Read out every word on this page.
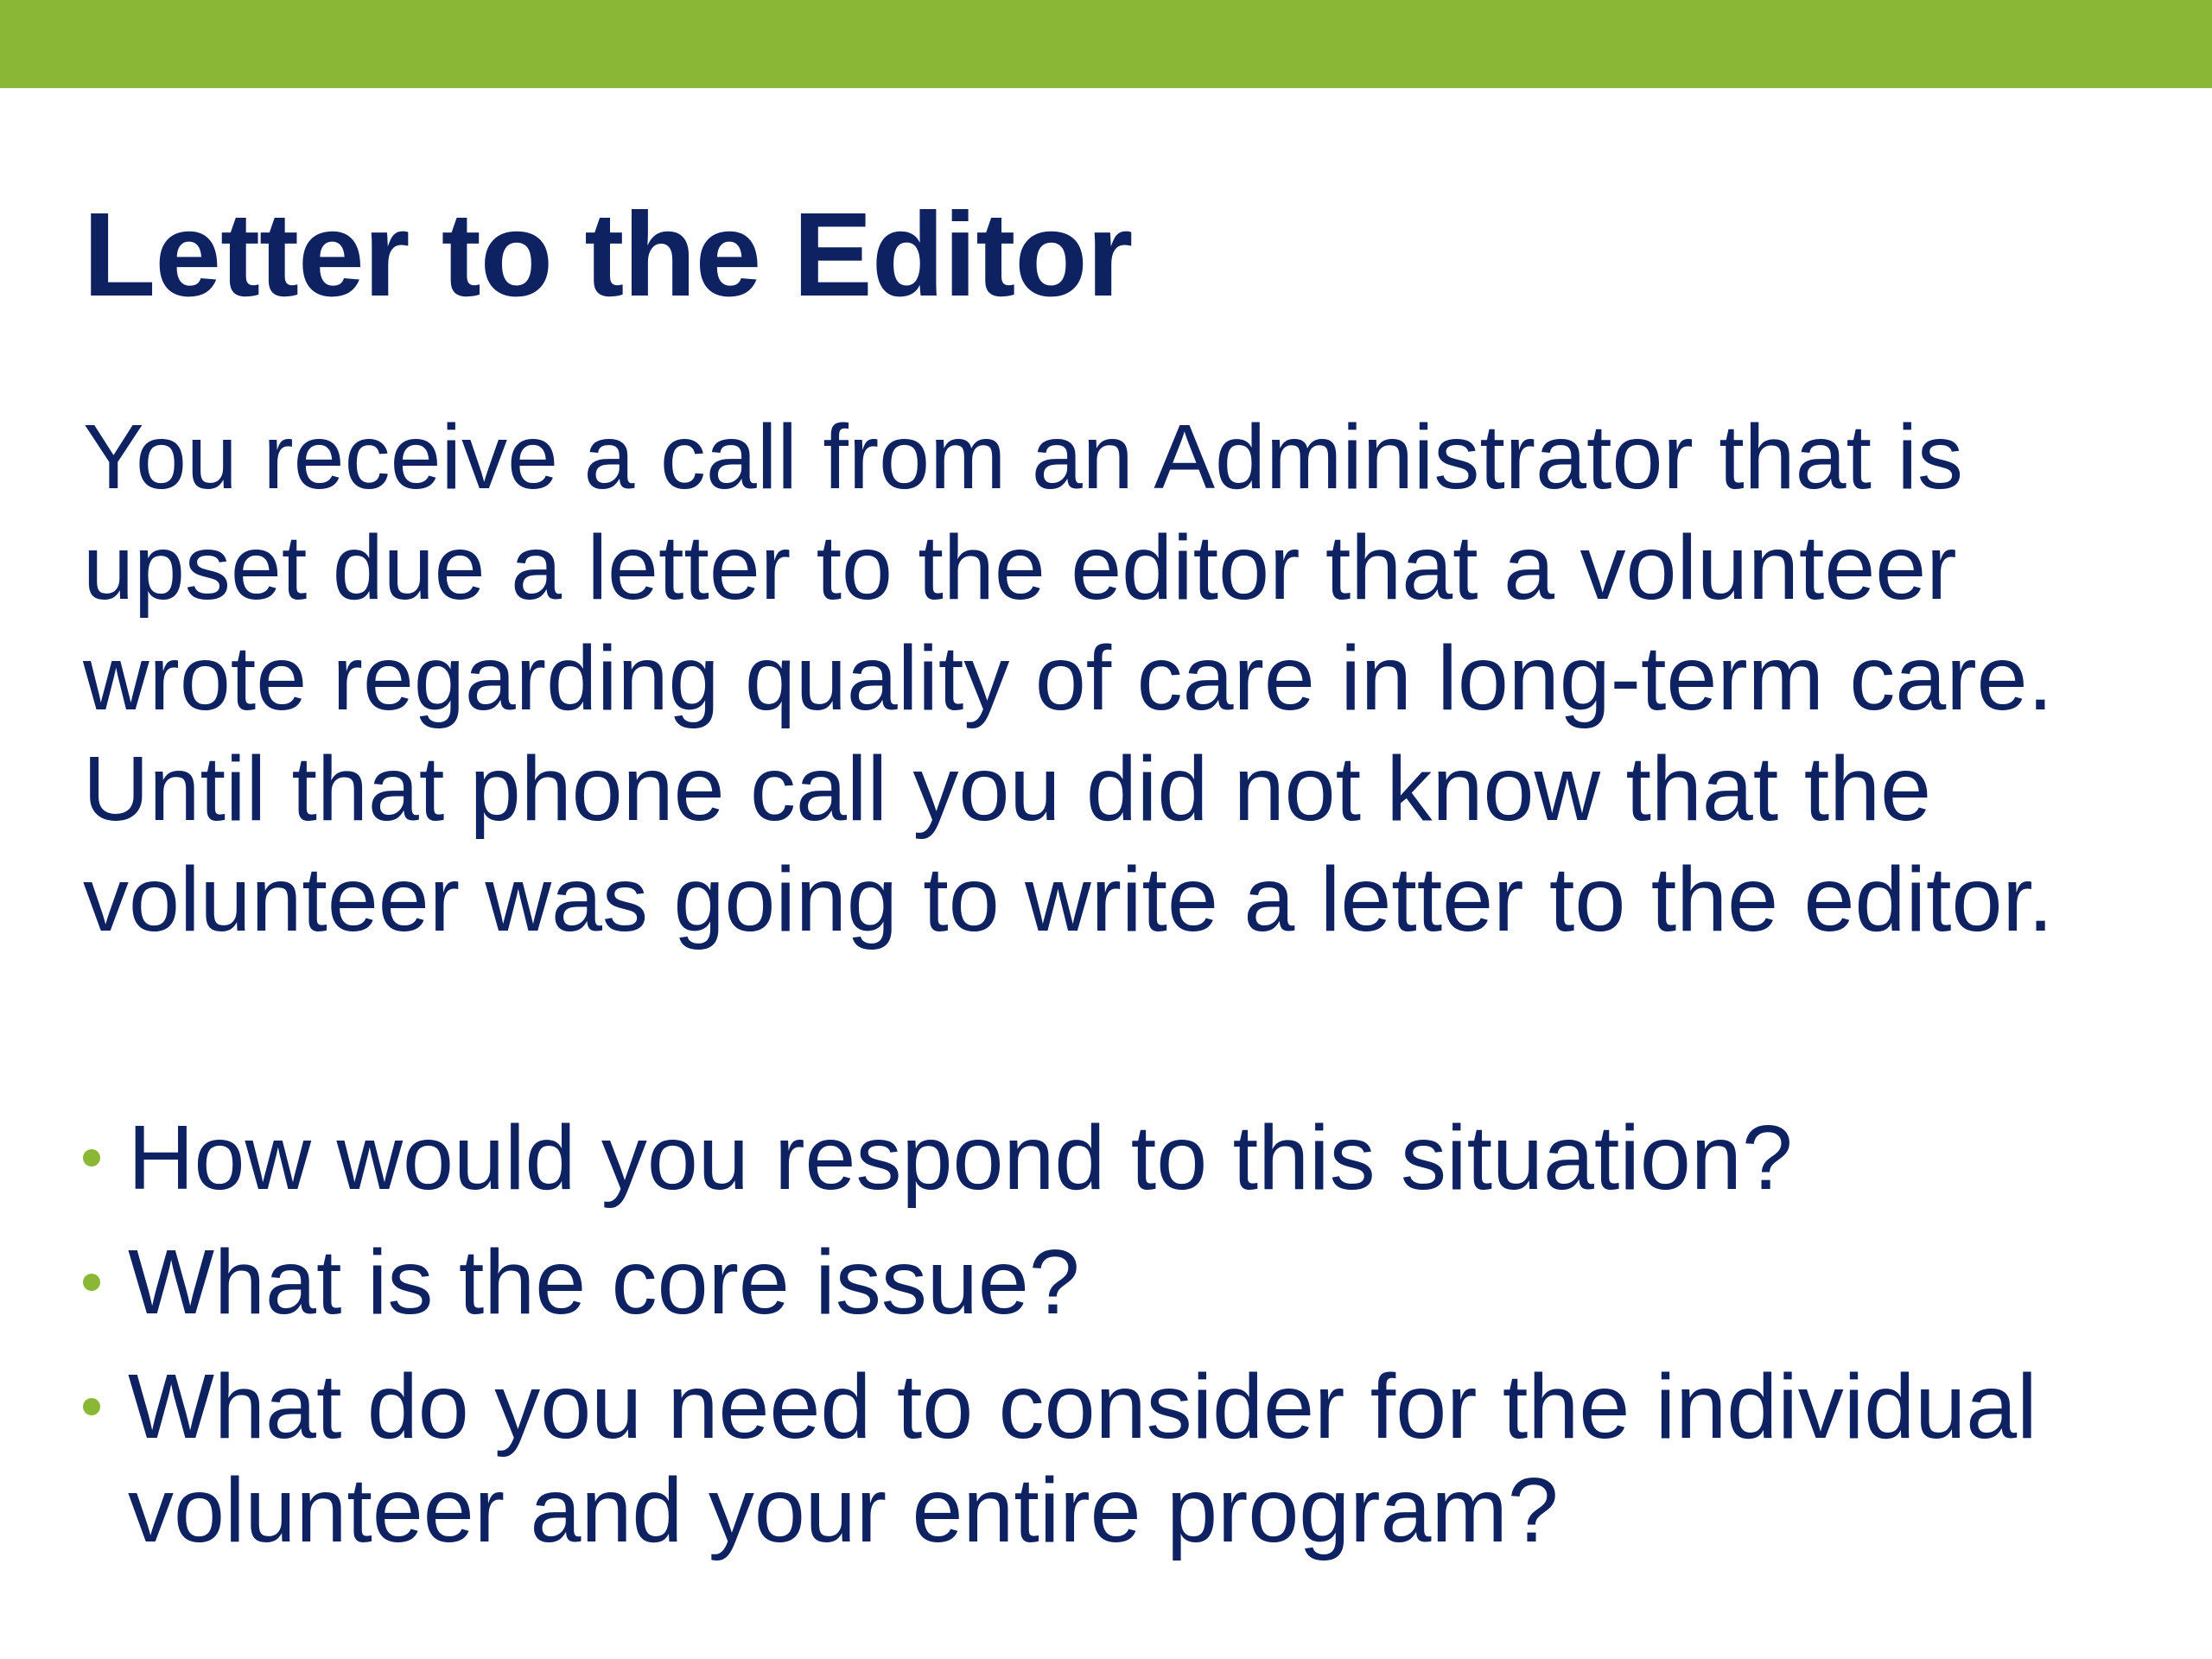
Letter to the Editor

You receive a call from an Administrator that is
upset due a letter to the editor that a volunteer
wrote regarding quality of care in long-term care.
Until that phone call you did not know that the
volunteer was going to write a letter to the editor.

How would you respond to this situation?
What is the core issue?
What do you need to consider for the individual
volunteer and your entire program?
